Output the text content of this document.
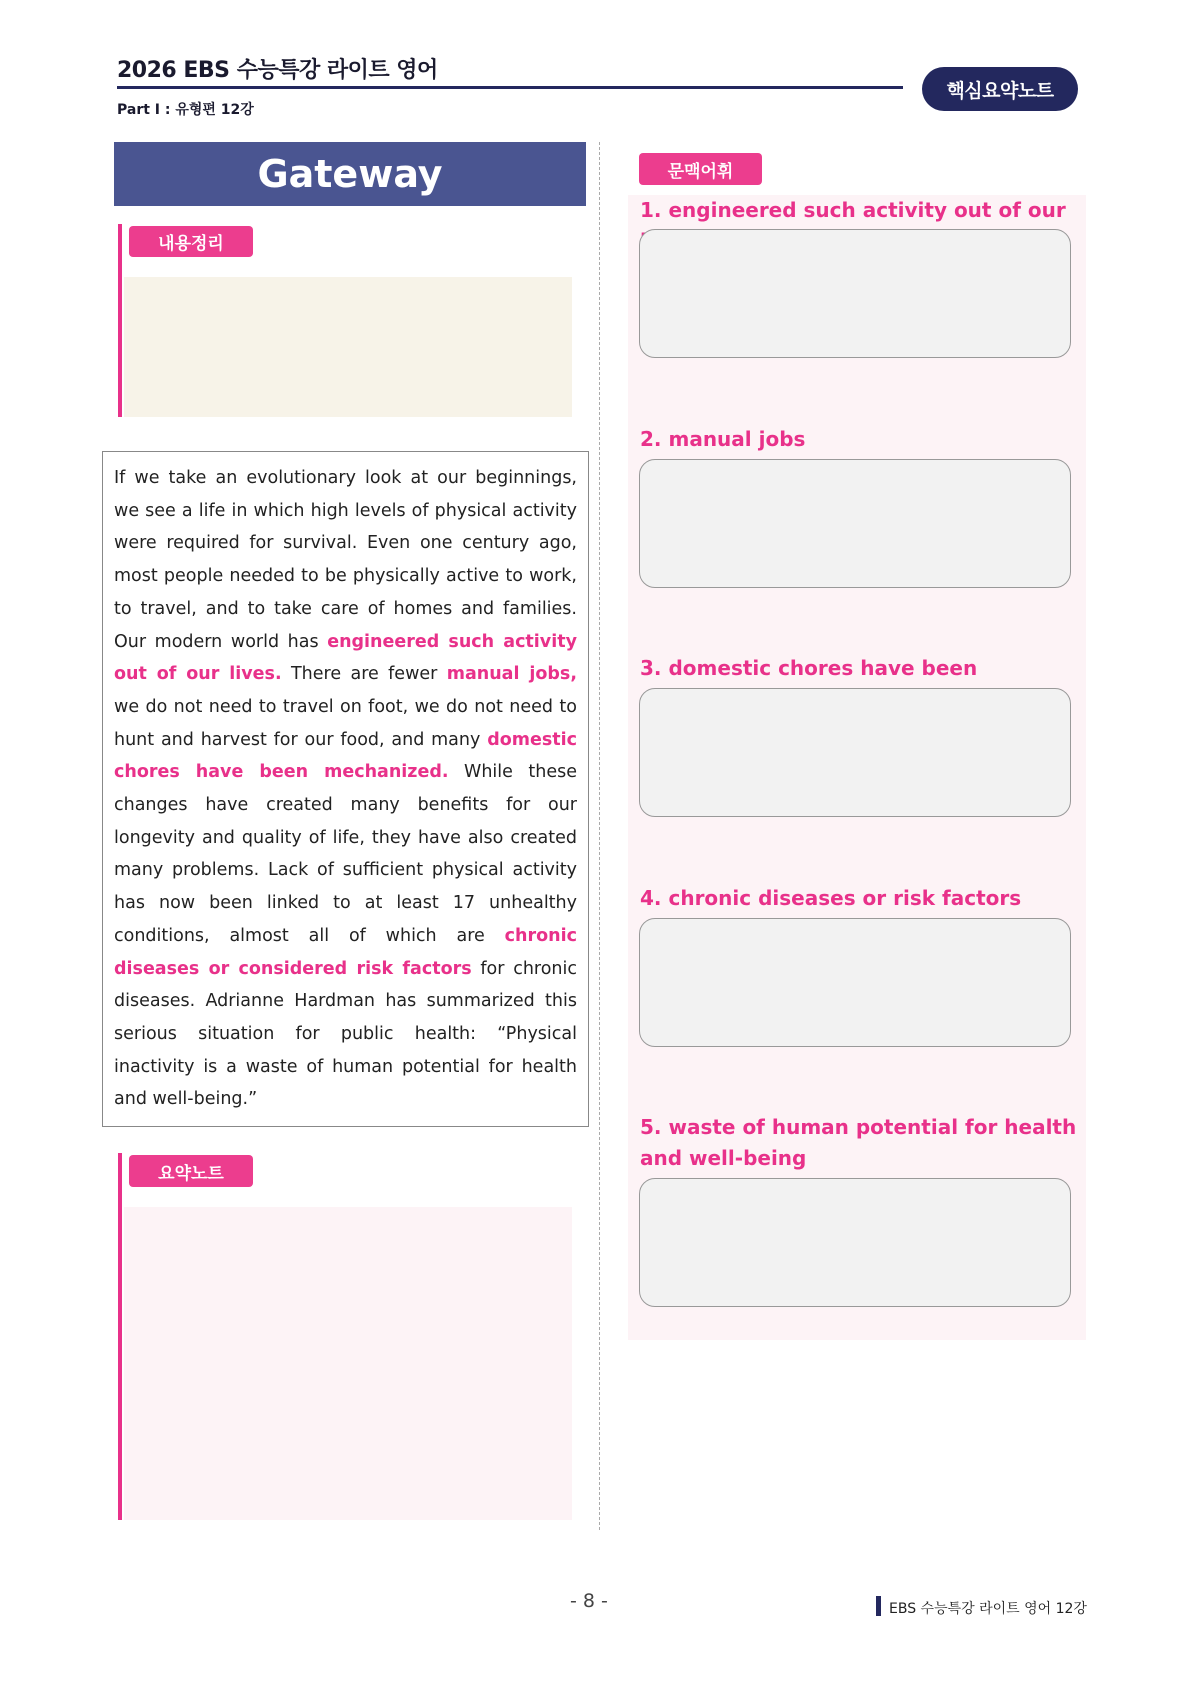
2026 EBS 수능특강 라이트 영어
Part Ⅰ : 유형편 12강
핵심요약노트
Gateway
내용정리
If we take an evolutionary look at our beginnings, we see a life in which high levels of physical activity were required for survival. Even one century ago, most people needed to be physically active to work, to travel, and to take care of homes and families. Our modern world has engineered such activity out of our lives. There are fewer manual jobs, we do not need to travel on foot, we do not need to hunt and harvest for our food, and many domestic chores have been mechanized. While these changes have created many benefits for our longevity and quality of life, they have also created many problems. Lack of sufficient physical activity has now been linked to at least 17 unhealthy conditions, almost all of which are chronic diseases or considered risk factors for chronic diseases. Adrianne Hardman has summarized this serious situation for public health: “Physical inactivity is a waste of human potential for health and well-being.”
요약노트
문맥어휘
1. engineered such activity out of our
2. manual jobs
3. domestic chores have been
4. chronic diseases or risk factors
5. waste of human potential for health and well-being
- 8 -	EBS 수능특강 라이트 영어 12강
